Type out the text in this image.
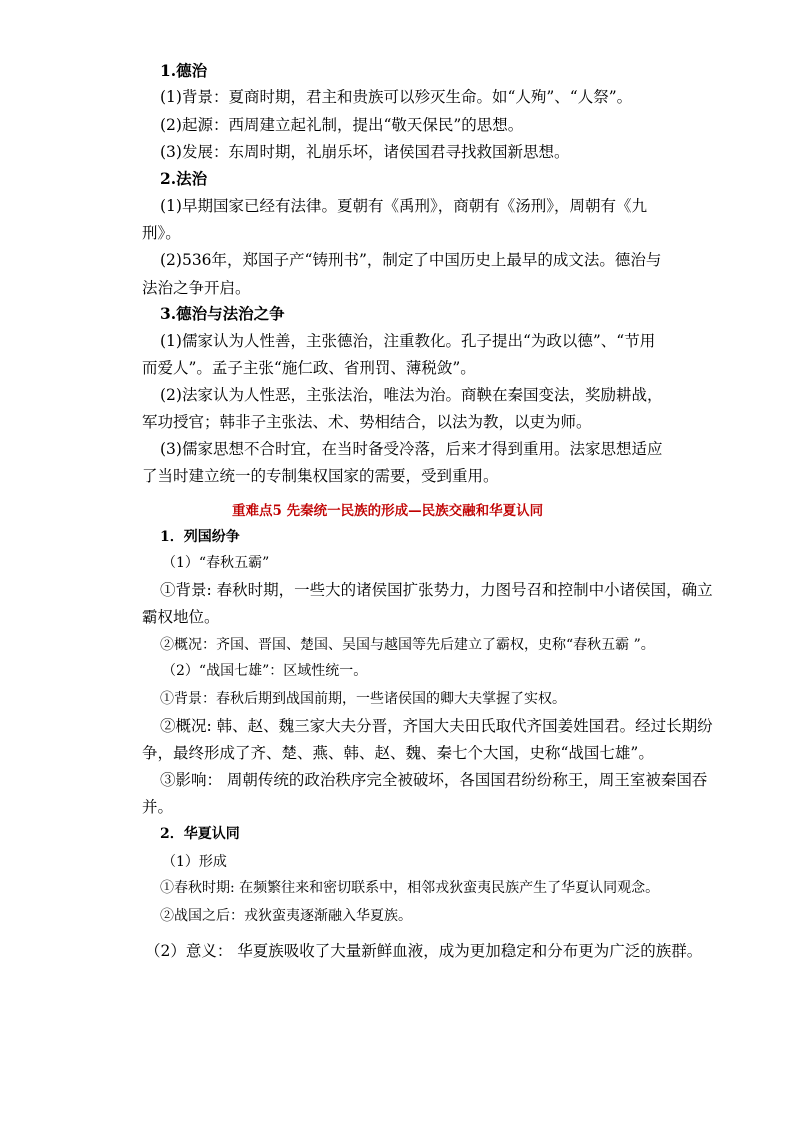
1.德治
(1)背景：夏商时期，君主和贵族可以殄灭生命。如“人殉”、“人祭”。
(2)起源：西周建立起礼制，提出“敬天保民”的思想。
(3)发展：东周时期，礼崩乐坏，诸侯国君寻找救国新思想。
2.法治
(1)早期国家已经有法律。夏朝有《禹刑》，商朝有《汤刑》，周朝有《九
刑》。
(2)536年，郑国子产“铸刑书”，制定了中国历史上最早的成文法。德治与
法治之争开启。
3.德治与法治之争
(1)儒家认为人性善，主张德治，注重教化。孔子提出“为政以德”、“节用
而爱人”。孟子主张“施仁政、省刑罚、薄税敛”。
(2)法家认为人性恶，主张法治，唯法为治。商鞅在秦国变法，奖励耕战，
军功授官；韩非子主张法、术、势相结合，以法为教，以吏为师。
(3)儒家思想不合时宜，在当时备受冷落，后来才得到重用。法家思想适应
了当时建立统一的专制集权国家的需要，受到重用。
重难点5 先秦统一民族的形成—民族交融和华夏认同
1．列国纷争
（1）“春秋五霸”
①背景: 春秋时期，一些大的诸侯国扩张势力，力图号召和控制中小诸侯国，确立
霸权地位。
②概况：齐国、晋国、楚国、吴国与越国等先后建立了霸权，史称“春秋五霸 ”。
（2）“战国七雄”：区域性统一。
①背景：春秋后期到战国前期，一些诸侯国的卿大夫掌握了实权。
②概况: 韩、赵、魏三家大夫分晋，齐国大夫田氏取代齐国姜姓国君。经过长期纷
争，最终形成了齐、楚、燕、韩、赵、魏、秦七个大国，史称“战国七雄”。
③影响： 周朝传统的政治秩序完全被破坏，各国国君纷纷称王，周王室被秦国吞
并。
2．华夏认同
（1）形成
①春秋时期: 在频繁往来和密切联系中，相邻戎狄蛮夷民族产生了华夏认同观念。
②战国之后：戎狄蛮夷逐渐融入华夏族。
（2）意义： 华夏族吸收了大量新鲜血液，成为更加稳定和分布更为广泛的族群。
